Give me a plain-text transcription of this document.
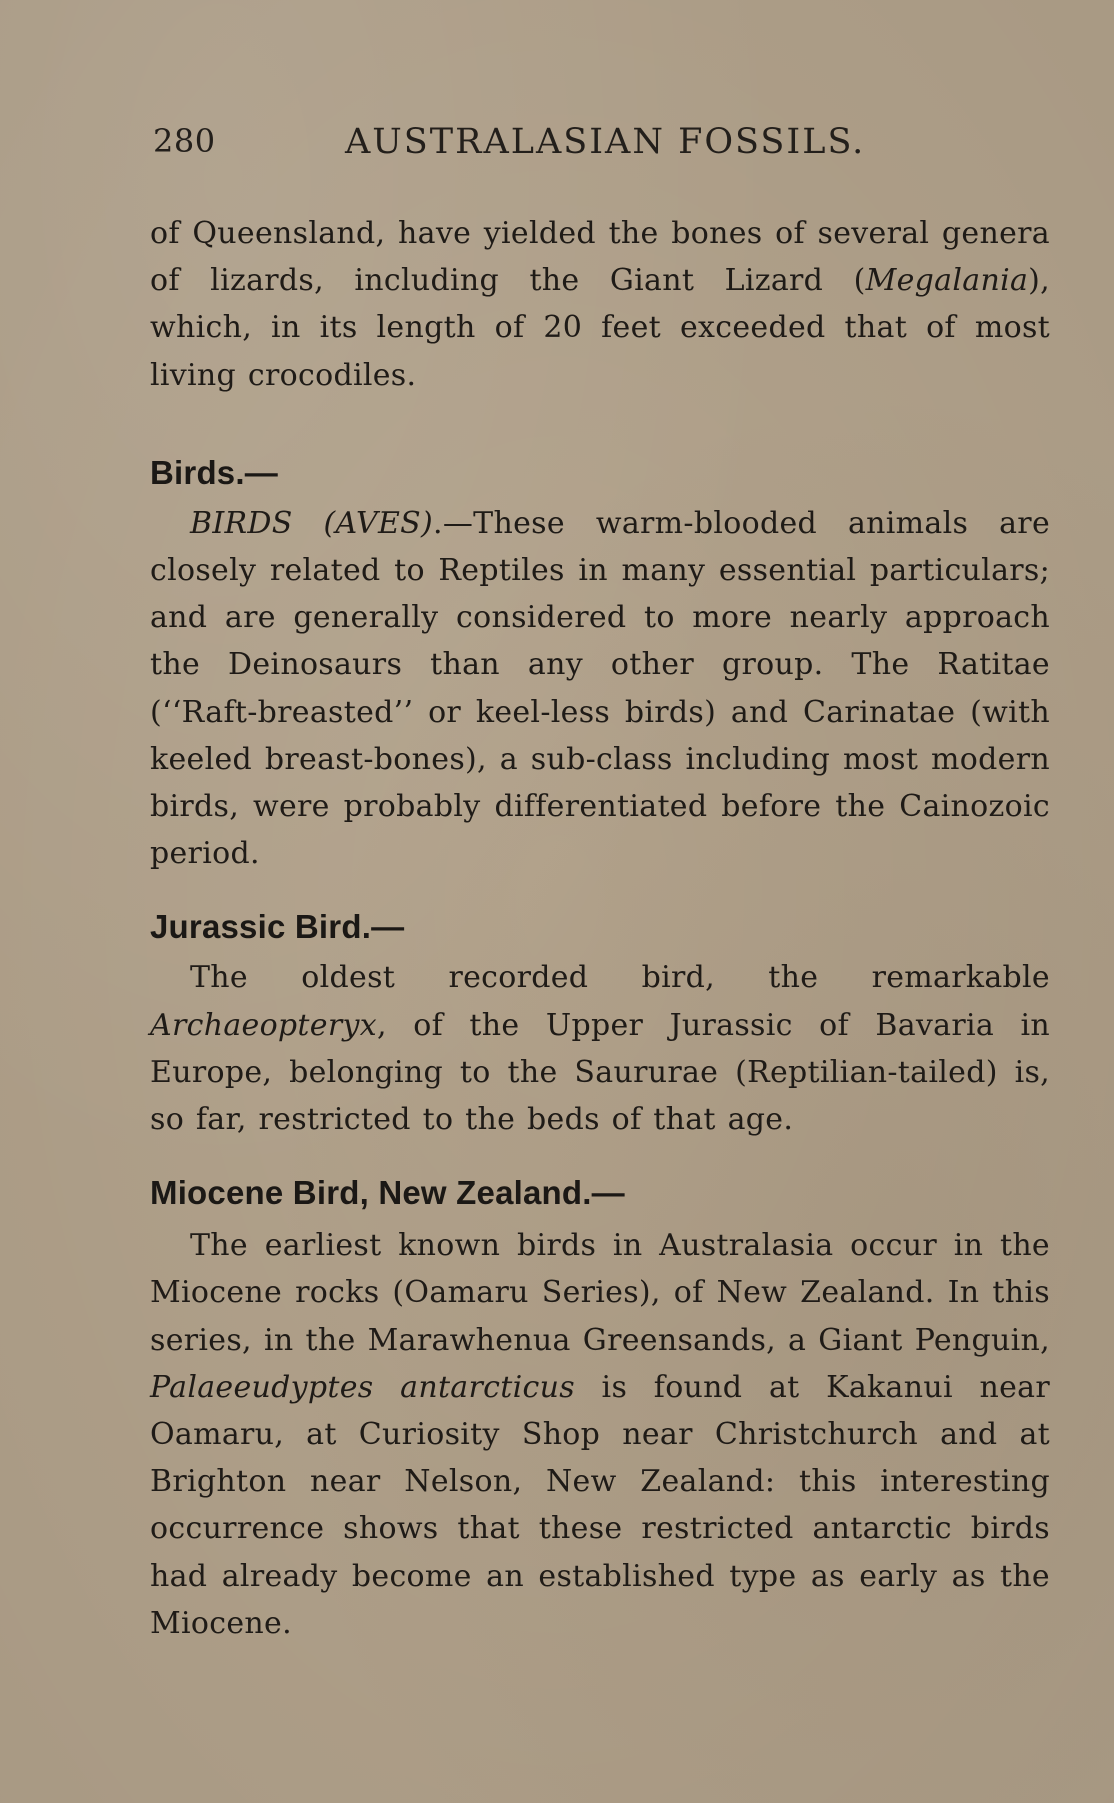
280	AUSTRALASIAN FOSSILS.

of Queensland, have yielded the bones of several genera of lizards, including the Giant Lizard (Megalania), which, in its length of 20 feet exceeded that of most living crocodiles.

Birds.—

BIRDS (AVES).—These warm-blooded animals are closely related to Reptiles in many essential particulars; and are generally considered to more nearly approach the Deinosaurs than any other group. The Ratitae (‘‘Raft-breasted’’ or keel-less birds) and Carinatae (with keeled breast-bones), a sub-class including most modern birds, were probably differentiated before the Cainozoic period.

Jurassic Bird.—

The oldest recorded bird, the remarkable Archaeopteryx, of the Upper Jurassic of Bavaria in Europe, belonging to the Saururae (Reptilian-tailed) is, so far, restricted to the beds of that age.

Miocene Bird, New Zealand.—

The earliest known birds in Australasia occur in the Miocene rocks (Oamaru Series), of New Zealand. In this series, in the Marawhenua Greensands, a Giant Penguin, Palaeeudyptes antarcticus is found at Kakanui near Oamaru, at Curiosity Shop near Christchurch and at Brighton near Nelson, New Zealand: this interesting occurrence shows that these restricted antarctic birds had already become an established type as early as the Miocene.
